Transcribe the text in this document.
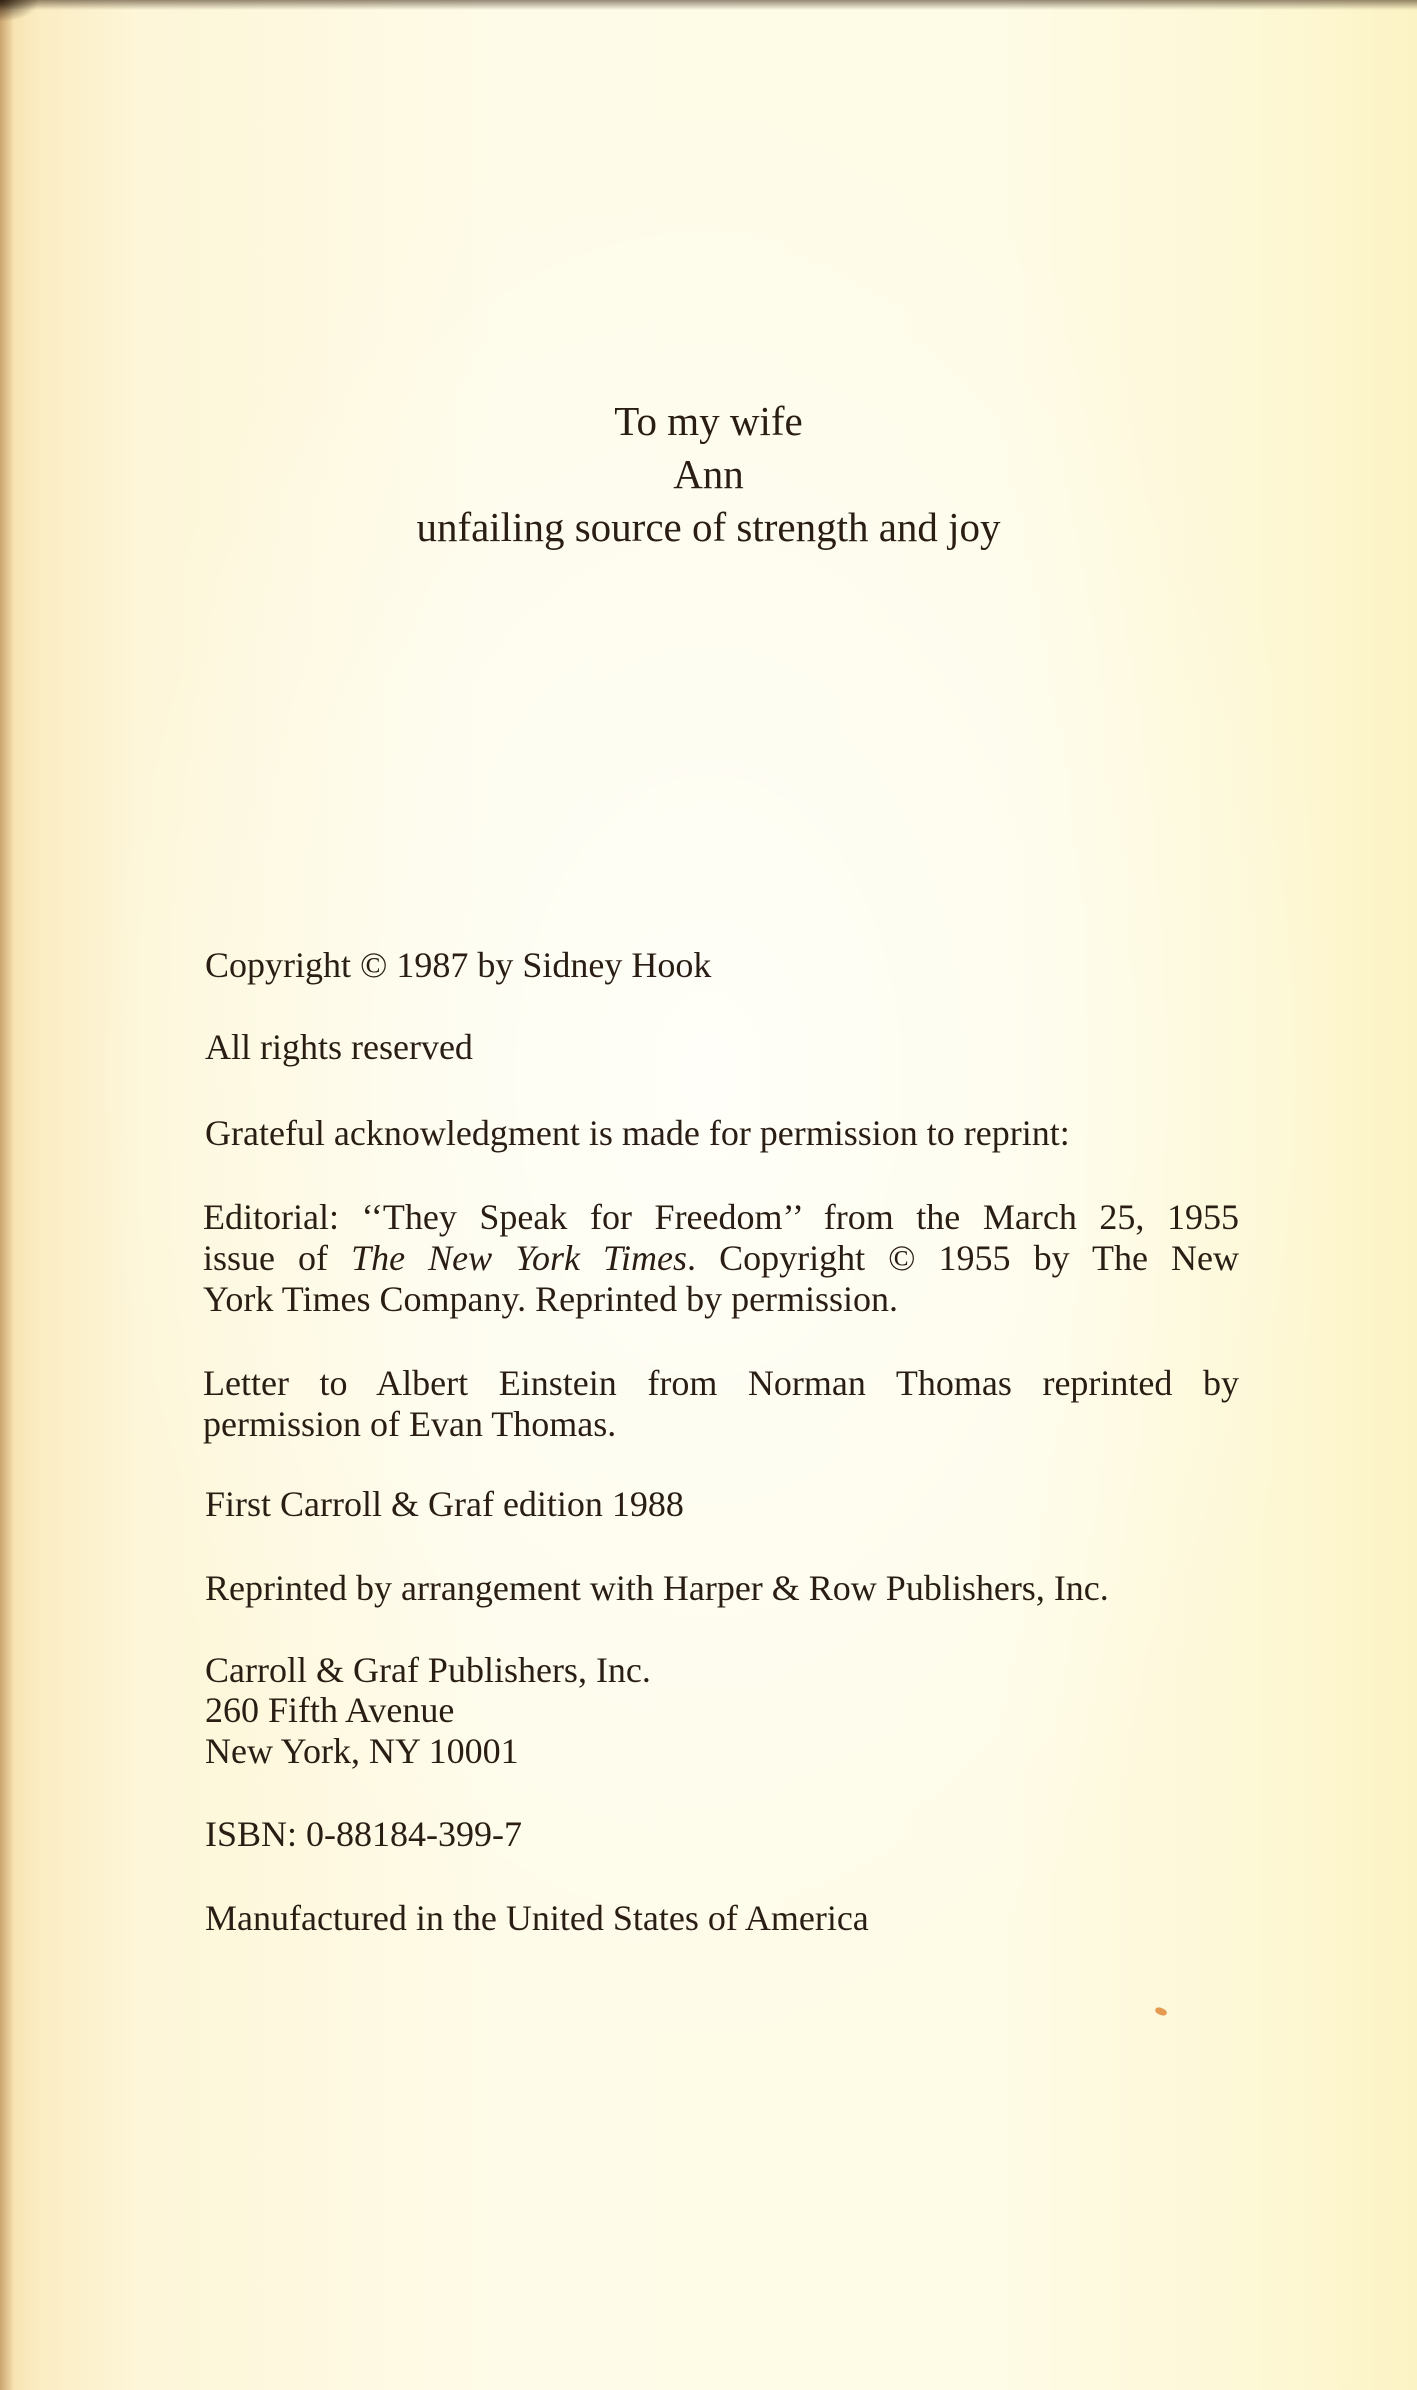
To my wife
Ann
unfailing source of strength and joy
Copyright © 1987 by Sidney Hook
All rights reserved
Grateful acknowledgment is made for permission to reprint:
Editorial: ‘‘They Speak for Freedom’’ from the March 25, 1955
issue of The New York Times. Copyright © 1955 by The New
York Times Company. Reprinted by permission.
Letter to Albert Einstein from Norman Thomas reprinted by
permission of Evan Thomas.
First Carroll & Graf edition 1988
Reprinted by arrangement with Harper & Row Publishers, Inc.
Carroll & Graf Publishers, Inc.
260 Fifth Avenue
New York, NY 10001
ISBN: 0-88184-399-7
Manufactured in the United States of America
